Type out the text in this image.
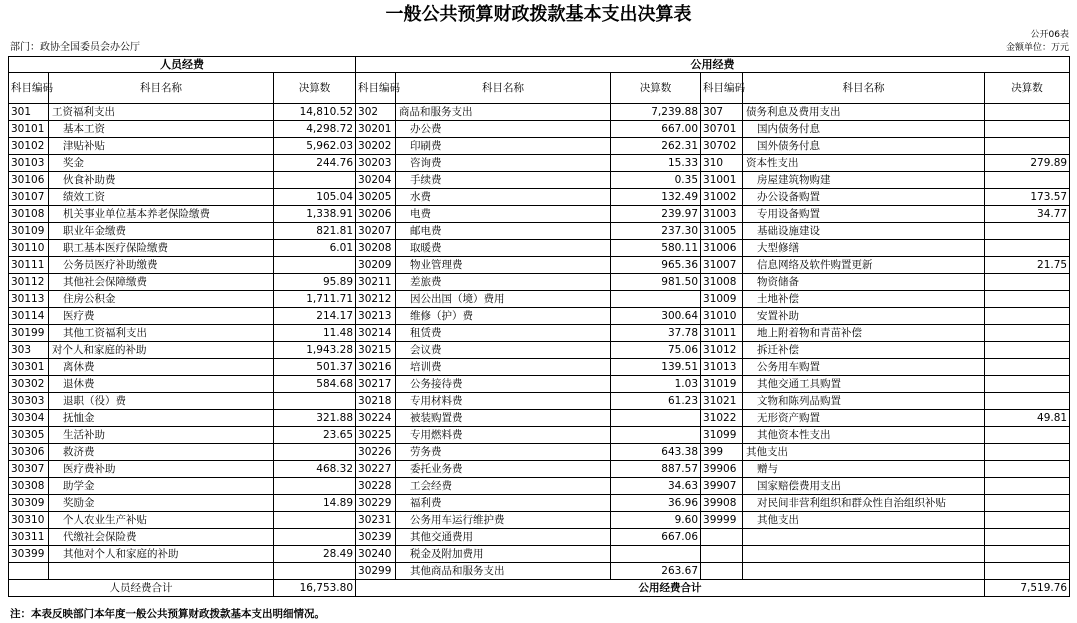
一般公共预算财政拨款基本支出决算表
公开06表
部门：政协全国委员会办公厅	金额单位：万元
人员经费			公用经费					
科目编码	科目名称	决算数	科目编码	科目名称	决算数	科目编码	科目名称	决算数
301	工资福利支出	14,810.52	302	商品和服务支出	7,239.88	307	债务利息及费用支出	
30101	基本工资	4,298.72	30201	办公费	667.00	30701	国内债务付息	
30102	津贴补贴	5,962.03	30202	印刷费	262.31	30702	国外债务付息	
30103	奖金	244.76	30203	咨询费	15.33	310	资本性支出	279.89
30106	伙食补助费		30204	手续费	0.35	31001	房屋建筑物购建	
30107	绩效工资	105.04	30205	水费	132.49	31002	办公设备购置	173.57
30108	机关事业单位基本养老保险缴费	1,338.91	30206	电费	239.97	31003	专用设备购置	34.77
30109	职业年金缴费	821.81	30207	邮电费	237.30	31005	基础设施建设	
30110	职工基本医疗保险缴费	6.01	30208	取暖费	580.11	31006	大型修缮	
30111	公务员医疗补助缴费		30209	物业管理费	965.36	31007	信息网络及软件购置更新	21.75
30112	其他社会保障缴费	95.89	30211	差旅费	981.50	31008	物资储备	
30113	住房公积金	1,711.71	30212	因公出国（境）费用		31009	土地补偿	
30114	医疗费	214.17	30213	维修（护）费	300.64	31010	安置补助	
30199	其他工资福利支出	11.48	30214	租赁费	37.78	31011	地上附着物和青苗补偿	
303	对个人和家庭的补助	1,943.28	30215	会议费	75.06	31012	拆迁补偿	
30301	离休费	501.37	30216	培训费	139.51	31013	公务用车购置	
30302	退休费	584.68	30217	公务接待费	1.03	31019	其他交通工具购置	
30303	退职（役）费		30218	专用材料费	61.23	31021	文物和陈列品购置	
30304	抚恤金	321.88	30224	被装购置费		31022	无形资产购置	49.81
30305	生活补助	23.65	30225	专用燃料费		31099	其他资本性支出	
30306	救济费		30226	劳务费	643.38	399	其他支出	
30307	医疗费补助	468.32	30227	委托业务费	887.57	39906	赠与	
30308	助学金		30228	工会经费	34.63	39907	国家赔偿费用支出	
30309	奖励金	14.89	30229	福利费	36.96	39908	对民间非营利组织和群众性自治组织补贴	
30310	个人农业生产补贴		30231	公务用车运行维护费	9.60	39999	其他支出	
30311	代缴社会保险费		30239	其他交通费用	667.06			
30399	其他对个人和家庭的补助	28.49	30240	税金及附加费用				
			30299	其他商品和服务支出	263.67			
人员经费合计		16,753.80	公用经费合计					7,519.76
注：本表反映部门本年度一般公共预算财政拨款基本支出明细情况。
